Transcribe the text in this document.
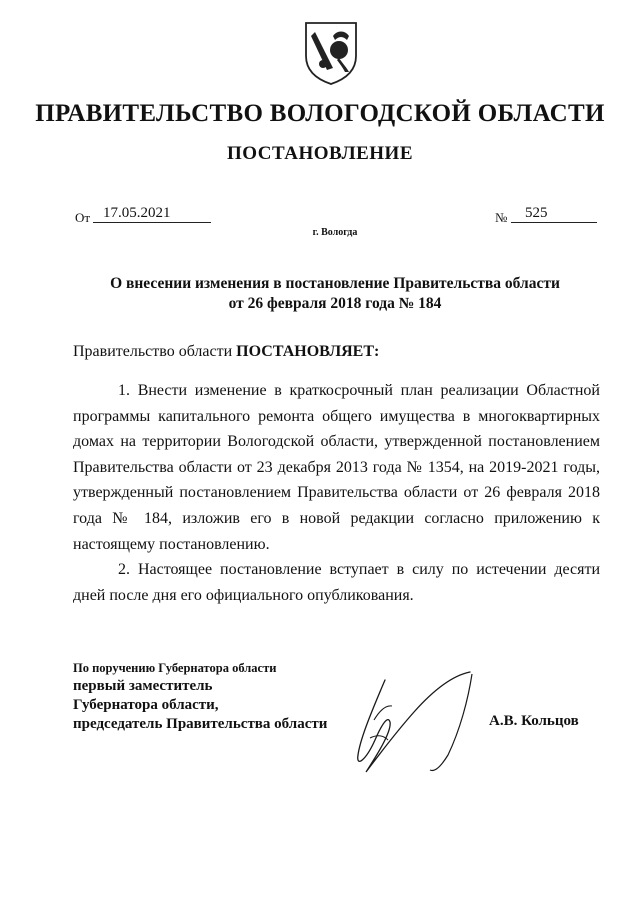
ПРАВИТЕЛЬСТВО ВОЛОГОДСКОЙ ОБЛАСТИ
ПОСТАНОВЛЕНИЕ
От 17.05.2021	№	525
г. Вологда
О внесении изменения в постановление Правительства области
от 26 февраля 2018 года № 184
Правительство области ПОСТАНОВЛЯЕТ:

1. Внести изменение в краткосрочный план реализации Областной программы капитального ремонта общего имущества в многоквартирных домах на территории Вологодской области, утвержденной постановлением Правительства области от 23 декабря 2013 года № 1354, на 2019-2021 годы, утвержденный постановлением Правительства области от 26 февраля 2018 года № 184, изложив его в новой редакции согласно приложению к настоящему постановлению.

2. Настоящее постановление вступает в силу по истечении десяти дней после дня его официального опубликования.

По поручению Губернатора области
первый заместитель
Губернатора области,
председатель Правительства области	А.В. Кольцов
